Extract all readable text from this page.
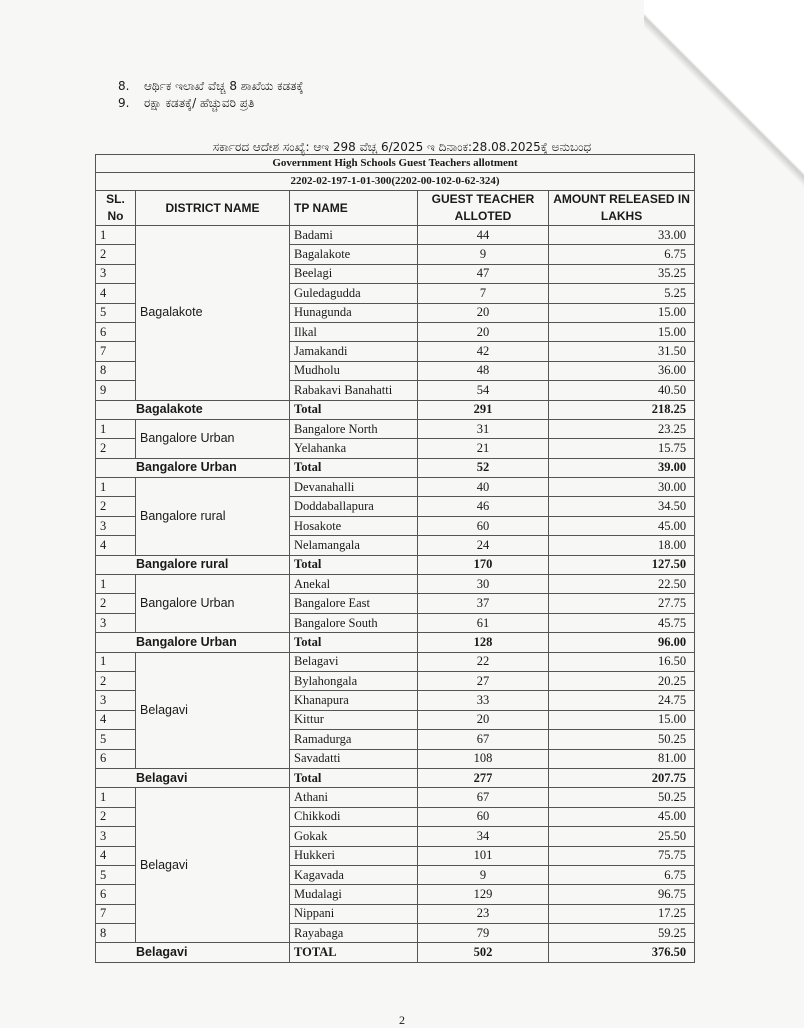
8. ಆರ್ಥಿಕ ಇಲಾಖೆ ವೆಚ್ಚ 8 ಶಾಖೆಯ ಕಡತಕ್ಕೆ
9. ರಕ್ಷಾ ಕಡತಕ್ಕೆ/ ಹೆಚ್ಚುವರಿ ಪ್ರತಿ
ಸರ್ಕಾರದ ಆದೇಶ ಸಂಖ್ಯೆ: ಆಇ 298 ವೆಚ್ಚ 6/2025 ಇ ದಿನಾಂಕ:28.08.2025ಕ್ಕೆ ಅನುಬಂಧ
Government High Schools Guest Teachers allotment				
2202-02-197-1-01-300(2202-00-102-0-62-324)				
SL. No	DISTRICT NAME	TP NAME	GUEST TEACHER ALLOTED	AMOUNT RELEASED IN LAKHS
1	Bagalakote	Badami	44	33.00
2		Bagalakote	9	6.75
3		Beelagi	47	35.25
4		Guledagudda	7	5.25
5		Hunagunda	20	15.00
6		Ilkal	20	15.00
7		Jamakandi	42	31.50
8		Mudholu	48	36.00
9		Rabakavi Banahatti	54	40.50
Bagalakote		Total	291	218.25
1	Bangalore Urban	Bangalore North	31	23.25
2		Yelahanka	21	15.75
Bangalore Urban		Total	52	39.00
1	Bangalore rural	Devanahalli	40	30.00
2		Doddaballapura	46	34.50
3		Hosakote	60	45.00
4		Nelamangala	24	18.00
Bangalore rural		Total	170	127.50
1	Bangalore Urban	Anekal	30	22.50
2		Bangalore East	37	27.75
3		Bangalore South	61	45.75
Bangalore Urban		Total	128	96.00
1	Belagavi	Belagavi	22	16.50
2		Bylahongala	27	20.25
3		Khanapura	33	24.75
4		Kittur	20	15.00
5		Ramadurga	67	50.25
6		Savadatti	108	81.00
Belagavi		Total	277	207.75
1	Belagavi	Athani	67	50.25
2		Chikkodi	60	45.00
3		Gokak	34	25.50
4		Hukkeri	101	75.75
5		Kagavada	9	6.75
6		Mudalagi	129	96.75
7		Nippani	23	17.25
8		Rayabaga	79	59.25
Belagavi		TOTAL	502	376.50
2
